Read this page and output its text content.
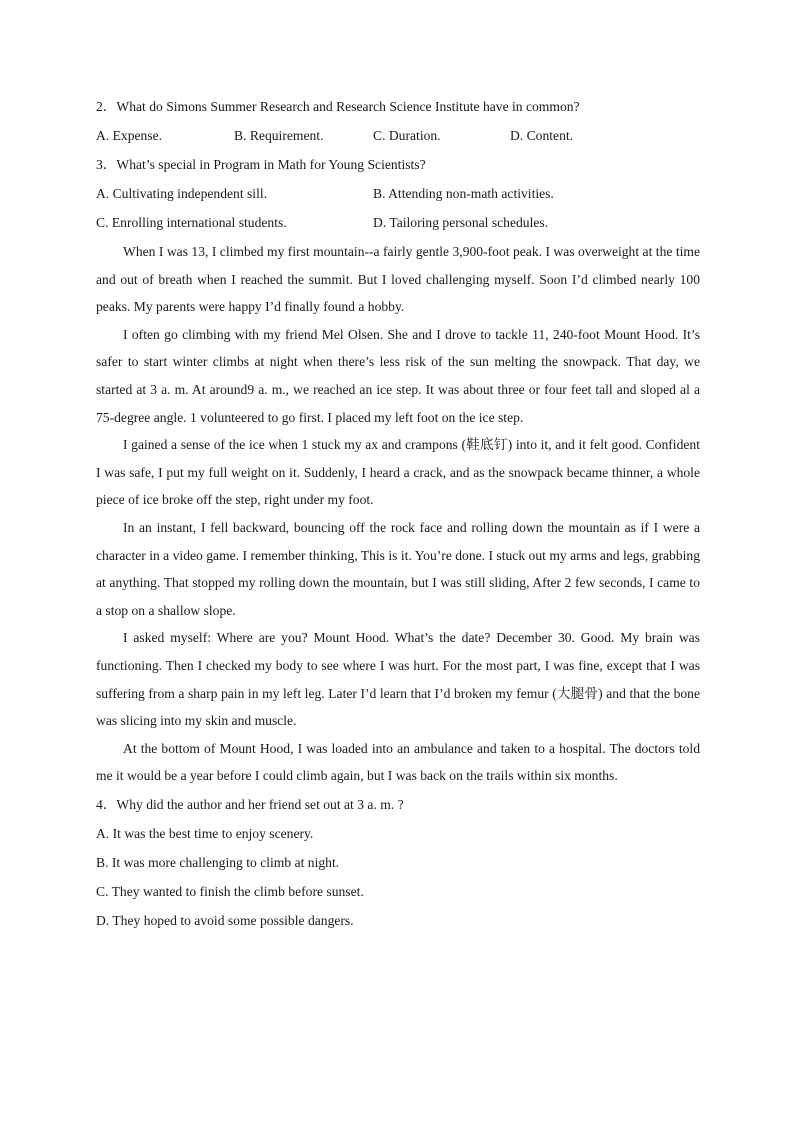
2．What do Simons Summer Research and Research Science Institute have in common?
A. Expense.	B. Requirement.	C. Duration.	D. Content.
3．What’s special in Program in Math for Young Scientists?
A. Cultivating independent sill.	B. Attending non-math activities.
C. Enrolling international students.	D. Tailoring personal schedules.

When I was 13, I climbed my first mountain--a fairly gentle 3,900-foot peak. I was overweight at the time and out of breath when I reached the summit. But I loved challenging myself. Soon I’d climbed nearly 100 peaks. My parents were happy I’d finally found a hobby.

I often go climbing with my friend Mel Olsen. She and I drove to tackle 11, 240-foot Mount Hood. It’s safer to start winter climbs at night when there’s less risk of the sun melting the snowpack. That day, we started at 3 a. m. At around9 a. m., we reached an ice step. It was about three or four feet tall and sloped al a 75-degree angle. 1 volunteered to go first. I placed my left foot on the ice step.

I gained a sense of the ice when 1 stuck my ax and crampons (鞋底钉) into it, and it felt good. Confident I was safe, I put my full weight on it. Suddenly, I heard a crack, and as the snowpack became thinner, a whole piece of ice broke off the step, right under my foot.

In an instant, I fell backward, bouncing off the rock face and rolling down the mountain as if I were a character in a video game. I remember thinking, This is it. You’re done. I stuck out my arms and legs, grabbing at anything. That stopped my rolling down the mountain, but I was still sliding, After 2 few seconds, I came to a stop on a shallow slope.

I asked myself: Where are you? Mount Hood. What’s the date? December 30. Good. My brain was functioning. Then I checked my body to see where I was hurt. For the most part, I was fine, except that I was suffering from a sharp pain in my left leg. Later I’d learn that I’d broken my femur (大腿骨) and that the bone was slicing into my skin and muscle.

At the bottom of Mount Hood, I was loaded into an ambulance and taken to a hospital. The doctors told me it would be a year before I could climb again, but I was back on the trails within six months.

4．Why did the author and her friend set out at 3 a. m. ?
A. It was the best time to enjoy scenery.
B. It was more challenging to climb at night.
C. They wanted to finish the climb before sunset.
D. They hoped to avoid some possible dangers.
